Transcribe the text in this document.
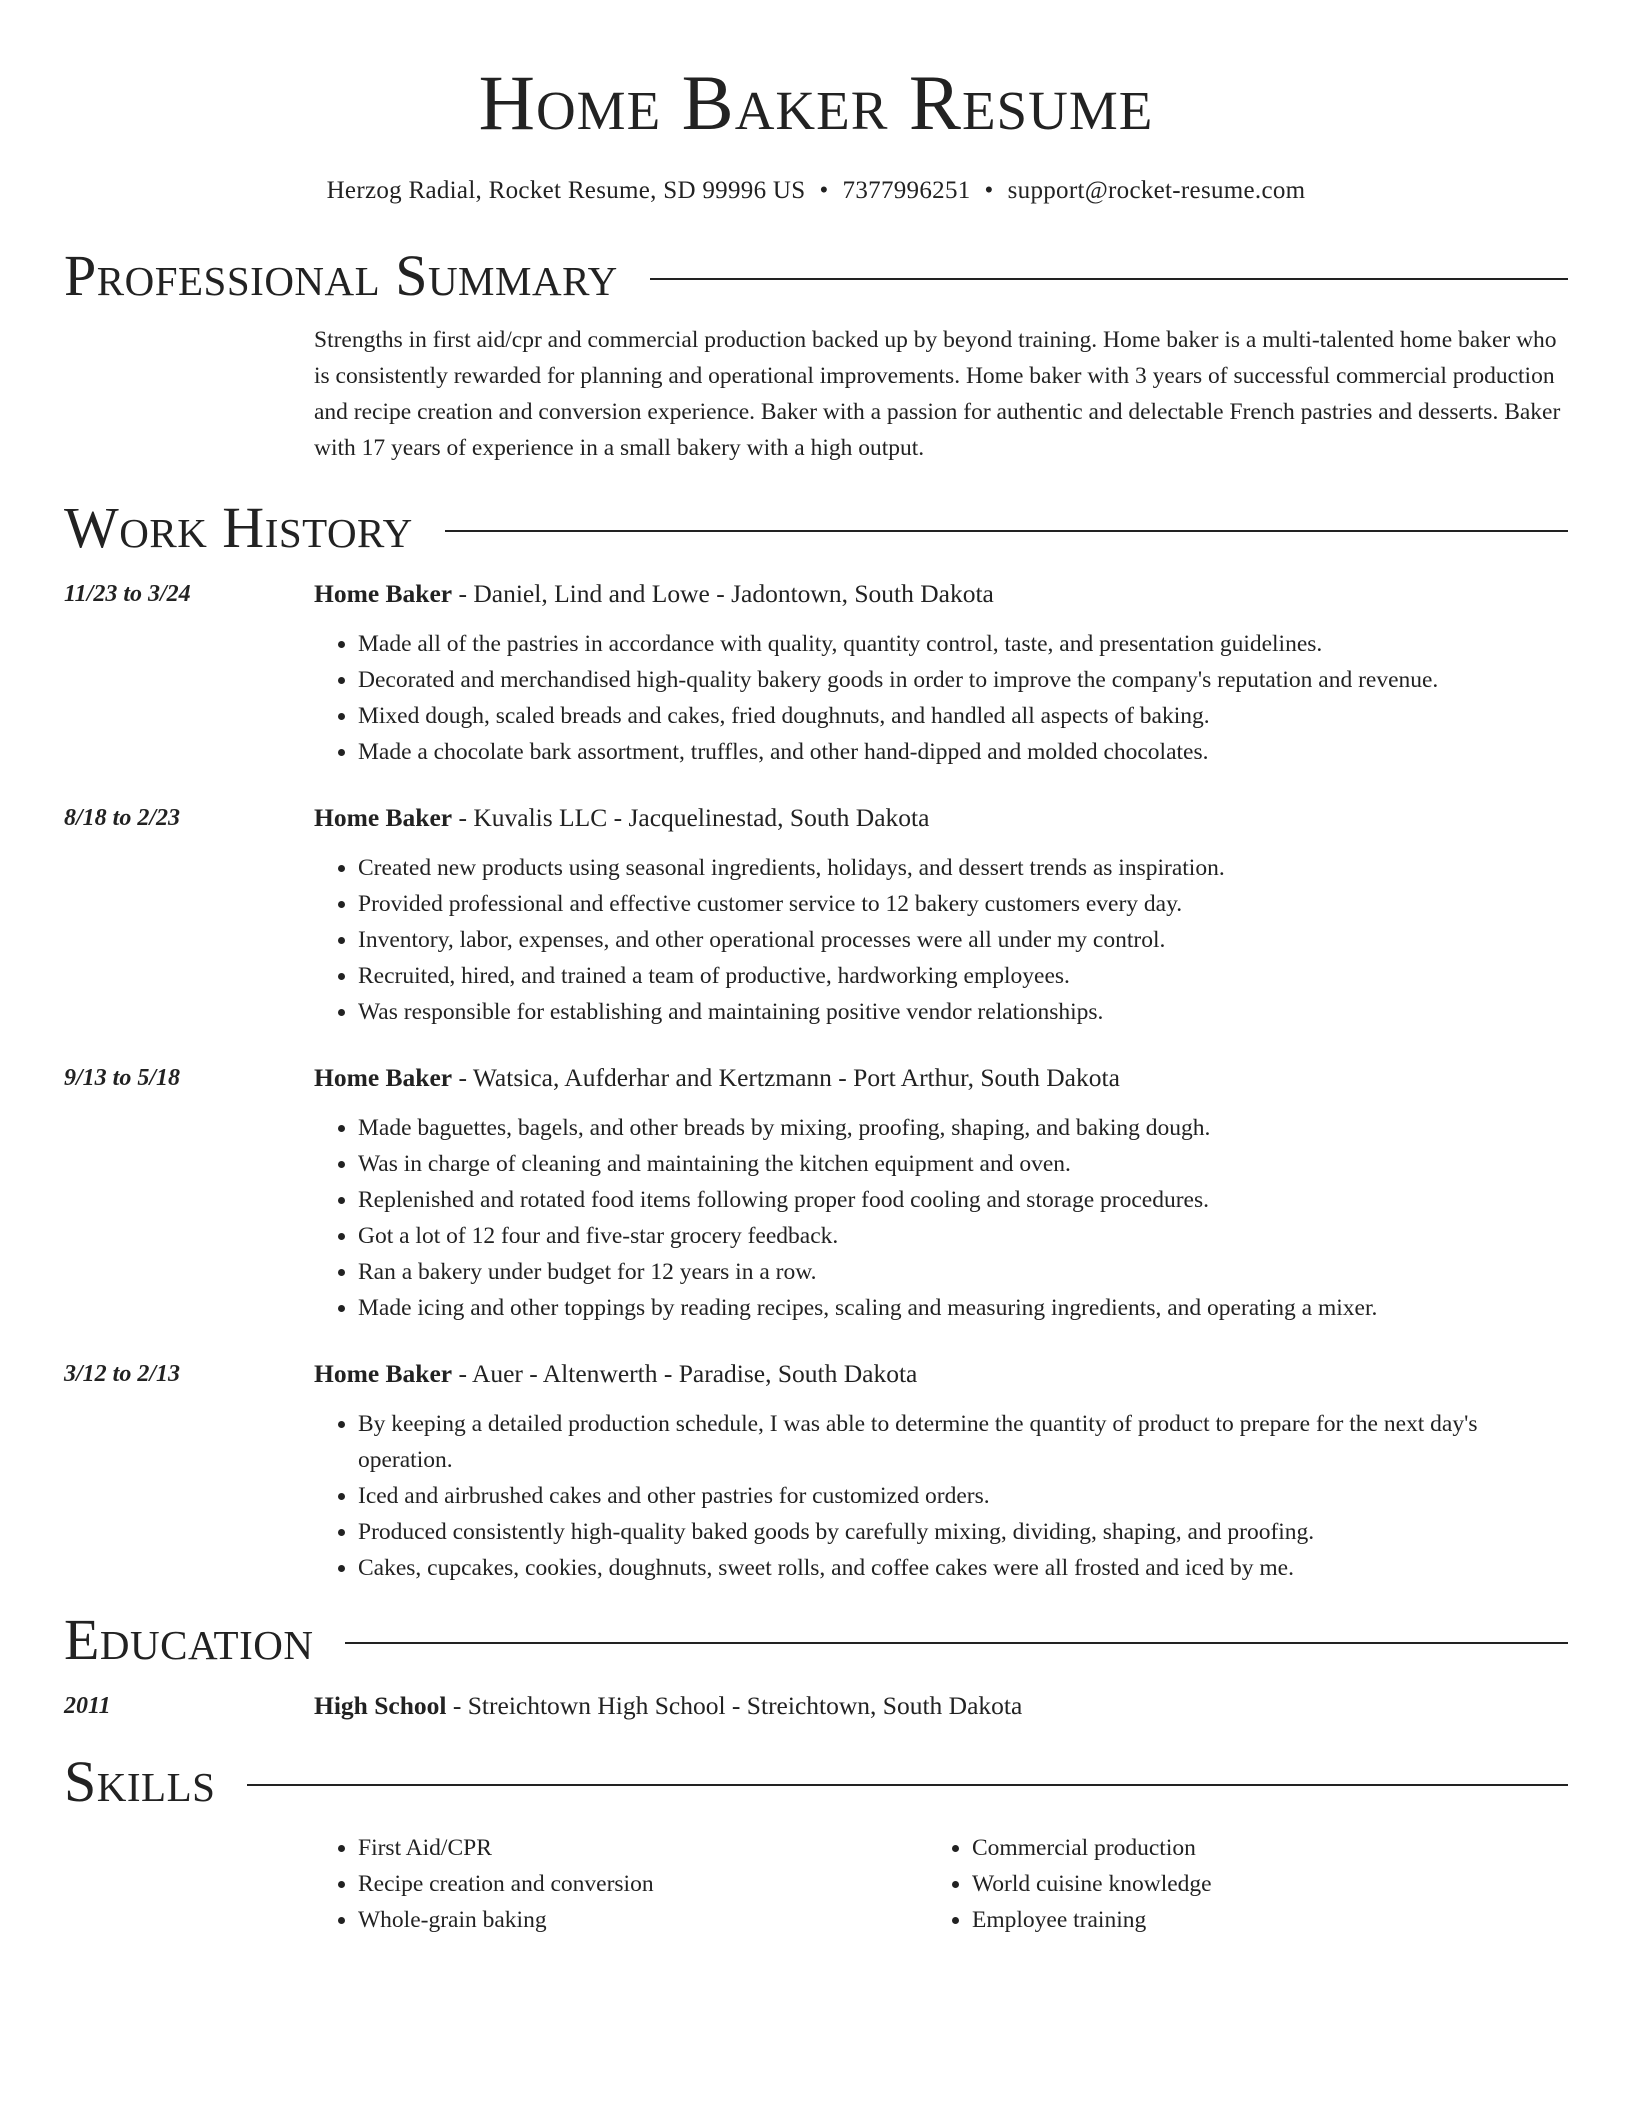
Home Baker Resume
Herzog Radial, Rocket Resume, SD 99996 US • 7377996251 • support@rocket-resume.com
Professional Summary
Strengths in first aid/cpr and commercial production backed up by beyond training. Home baker is a multi-talented home baker who is consistently rewarded for planning and operational improvements. Home baker with 3 years of successful commercial production and recipe creation and conversion experience. Baker with a passion for authentic and delectable French pastries and desserts. Baker with 17 years of experience in a small bakery with a high output.
Work History
11/23 to 3/24	Home Baker - Daniel, Lind and Lowe - Jadontown, South Dakota
• Made all of the pastries in accordance with quality, quantity control, taste, and presentation guidelines.
• Decorated and merchandised high-quality bakery goods in order to improve the company's reputation and revenue.
• Mixed dough, scaled breads and cakes, fried doughnuts, and handled all aspects of baking.
• Made a chocolate bark assortment, truffles, and other hand-dipped and molded chocolates.
8/18 to 2/23	Home Baker - Kuvalis LLC - Jacquelinestad, South Dakota
• Created new products using seasonal ingredients, holidays, and dessert trends as inspiration.
• Provided professional and effective customer service to 12 bakery customers every day.
• Inventory, labor, expenses, and other operational processes were all under my control.
• Recruited, hired, and trained a team of productive, hardworking employees.
• Was responsible for establishing and maintaining positive vendor relationships.
9/13 to 5/18	Home Baker - Watsica, Aufderhar and Kertzmann - Port Arthur, South Dakota
• Made baguettes, bagels, and other breads by mixing, proofing, shaping, and baking dough.
• Was in charge of cleaning and maintaining the kitchen equipment and oven.
• Replenished and rotated food items following proper food cooling and storage procedures.
• Got a lot of 12 four and five-star grocery feedback.
• Ran a bakery under budget for 12 years in a row.
• Made icing and other toppings by reading recipes, scaling and measuring ingredients, and operating a mixer.
3/12 to 2/13	Home Baker - Auer - Altenwerth - Paradise, South Dakota
• By keeping a detailed production schedule, I was able to determine the quantity of product to prepare for the next day's operation.
• Iced and airbrushed cakes and other pastries for customized orders.
• Produced consistently high-quality baked goods by carefully mixing, dividing, shaping, and proofing.
• Cakes, cupcakes, cookies, doughnuts, sweet rolls, and coffee cakes were all frosted and iced by me.
Education
2011	High School - Streichtown High School - Streichtown, South Dakota
Skills
• First Aid/CPR
• Recipe creation and conversion
• Whole-grain baking
• Commercial production
• World cuisine knowledge
• Employee training
